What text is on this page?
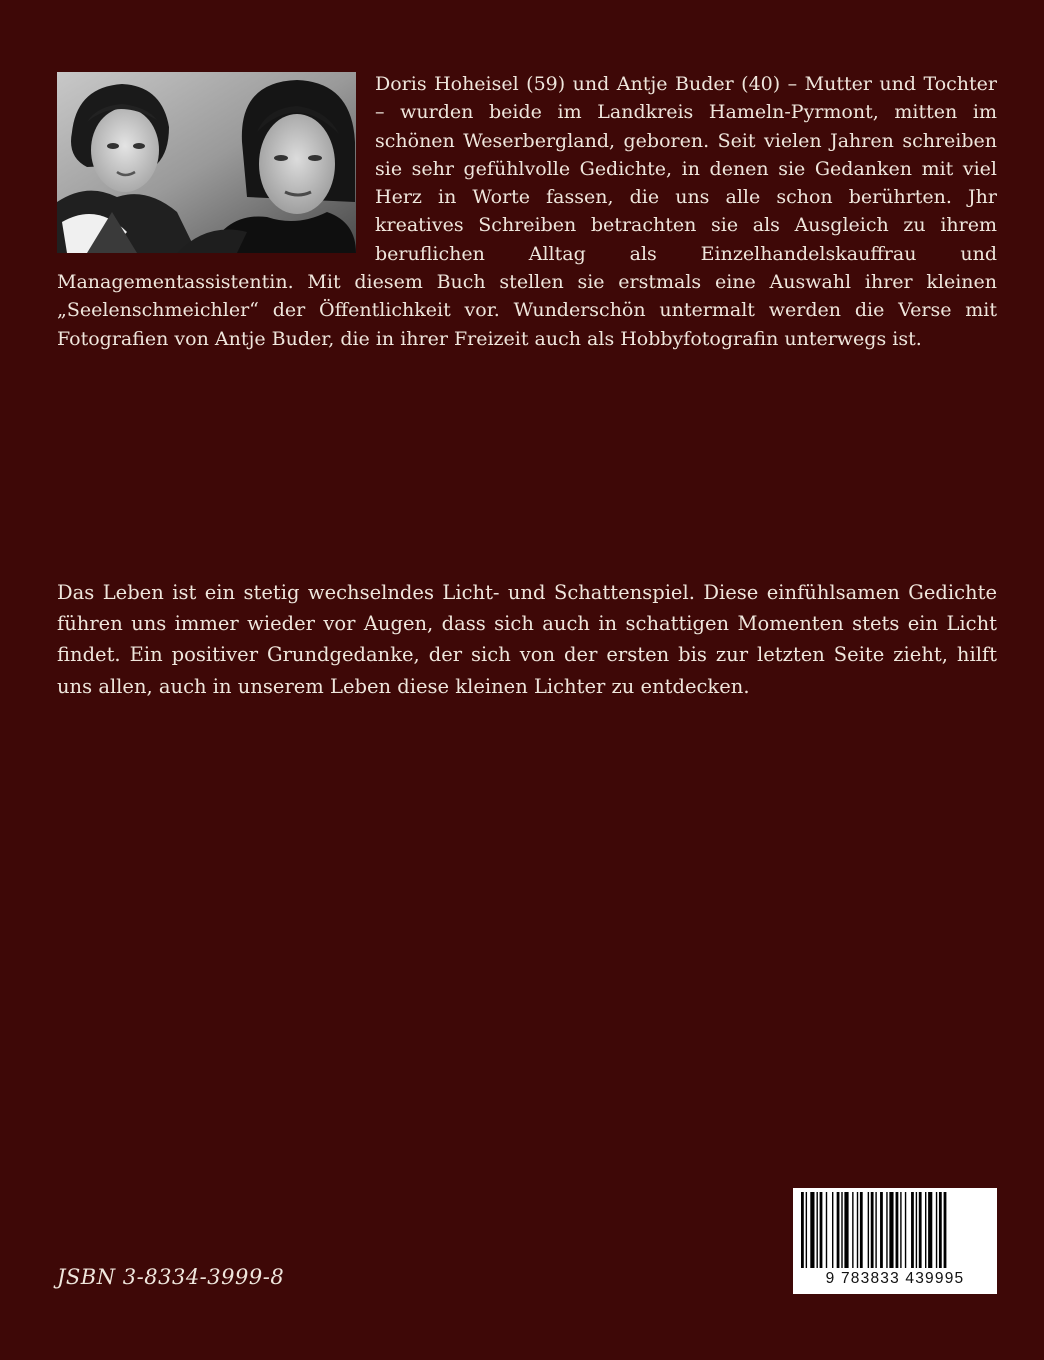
Doris Hoheisel (59) und Antje Buder (40) – Mutter und Tochter – wurden beide im Landkreis Hameln-Pyrmont, mitten im schönen Weserbergland, geboren. Seit vielen Jahren schreiben sie sehr gefühlvolle Gedichte, in denen sie Gedanken mit viel Herz in Worte fassen, die uns alle schon berührten. Jhr kreatives Schreiben betrachten sie als Ausgleich zu ihrem beruflichen Alltag als Einzelhandelskauffrau und Managementassistentin. Mit diesem Buch stellen sie erstmals eine Auswahl ihrer kleinen „Seelenschmeichler“ der Öffentlichkeit vor. Wunderschön untermalt werden die Verse mit Fotografien von Antje Buder, die in ihrer Freizeit auch als Hobbyfotografin unterwegs ist.

Das Leben ist ein stetig wechselndes Licht- und Schattenspiel. Diese einfühlsamen Gedichte führen uns immer wieder vor Augen, dass sich auch in schattigen Momenten stets ein Licht findet. Ein positiver Grundgedanke, der sich von der ersten bis zur letzten Seite zieht, hilft uns allen, auch in unserem Leben diese kleinen Lichter zu entdecken.

JSBN 3-8334-3999-8	9 783833 439995
